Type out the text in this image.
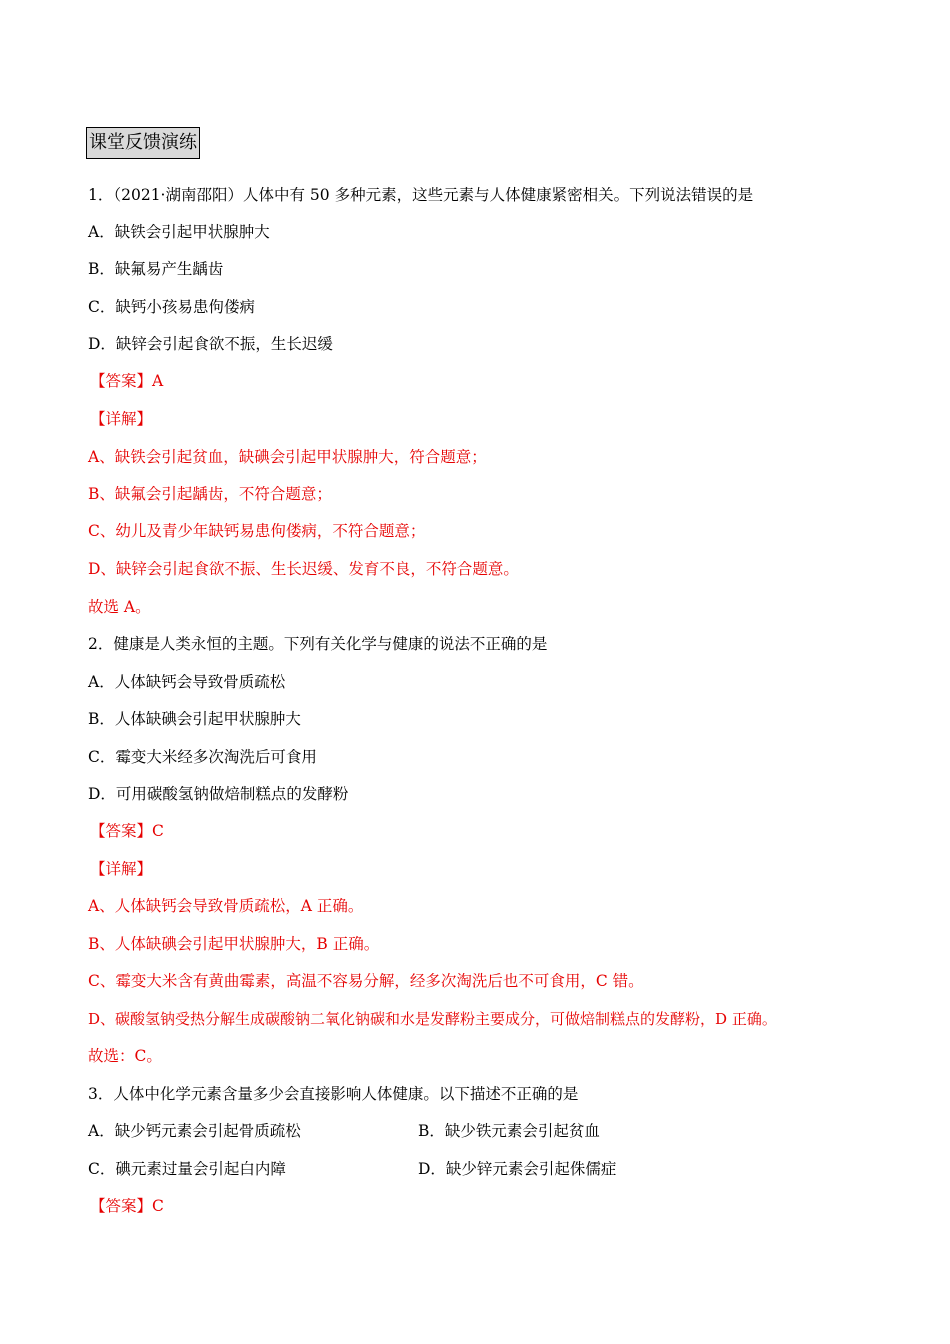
课堂反馈演练
1．（2021·湖南邵阳）人体中有 50 多种元素，这些元素与人体健康紧密相关。下列说法错误的是
A．缺铁会引起甲状腺肿大
B．缺氟易产生龋齿
C．缺钙小孩易患佝偻病
D．缺锌会引起食欲不振，生长迟缓
【答案】A
【详解】
A、缺铁会引起贫血，缺碘会引起甲状腺肿大，符合题意；
B、缺氟会引起龋齿，不符合题意；
C、幼儿及青少年缺钙易患佝偻病，不符合题意；
D、缺锌会引起食欲不振、生长迟缓、发育不良，不符合题意。
故选 A。
2．健康是人类永恒的主题。下列有关化学与健康的说法不正确的是
A．人体缺钙会导致骨质疏松
B．人体缺碘会引起甲状腺肿大
C．霉变大米经多次淘洗后可食用
D．可用碳酸氢钠做焙制糕点的发酵粉
【答案】C
【详解】
A、人体缺钙会导致骨质疏松，A 正确。
B、人体缺碘会引起甲状腺肿大，B 正确。
C、霉变大米含有黄曲霉素，高温不容易分解，经多次淘洗后也不可食用，C 错。
D、碳酸氢钠受热分解生成碳酸钠二氧化钠碳和水是发酵粉主要成分，可做焙制糕点的发酵粉，D 正确。
故选：C。
3．人体中化学元素含量多少会直接影响人体健康。以下描述不正确的是
A．缺少钙元素会引起骨质疏松	B．缺少铁元素会引起贫血
C．碘元素过量会引起白内障	D．缺少锌元素会引起侏儒症
【答案】C
